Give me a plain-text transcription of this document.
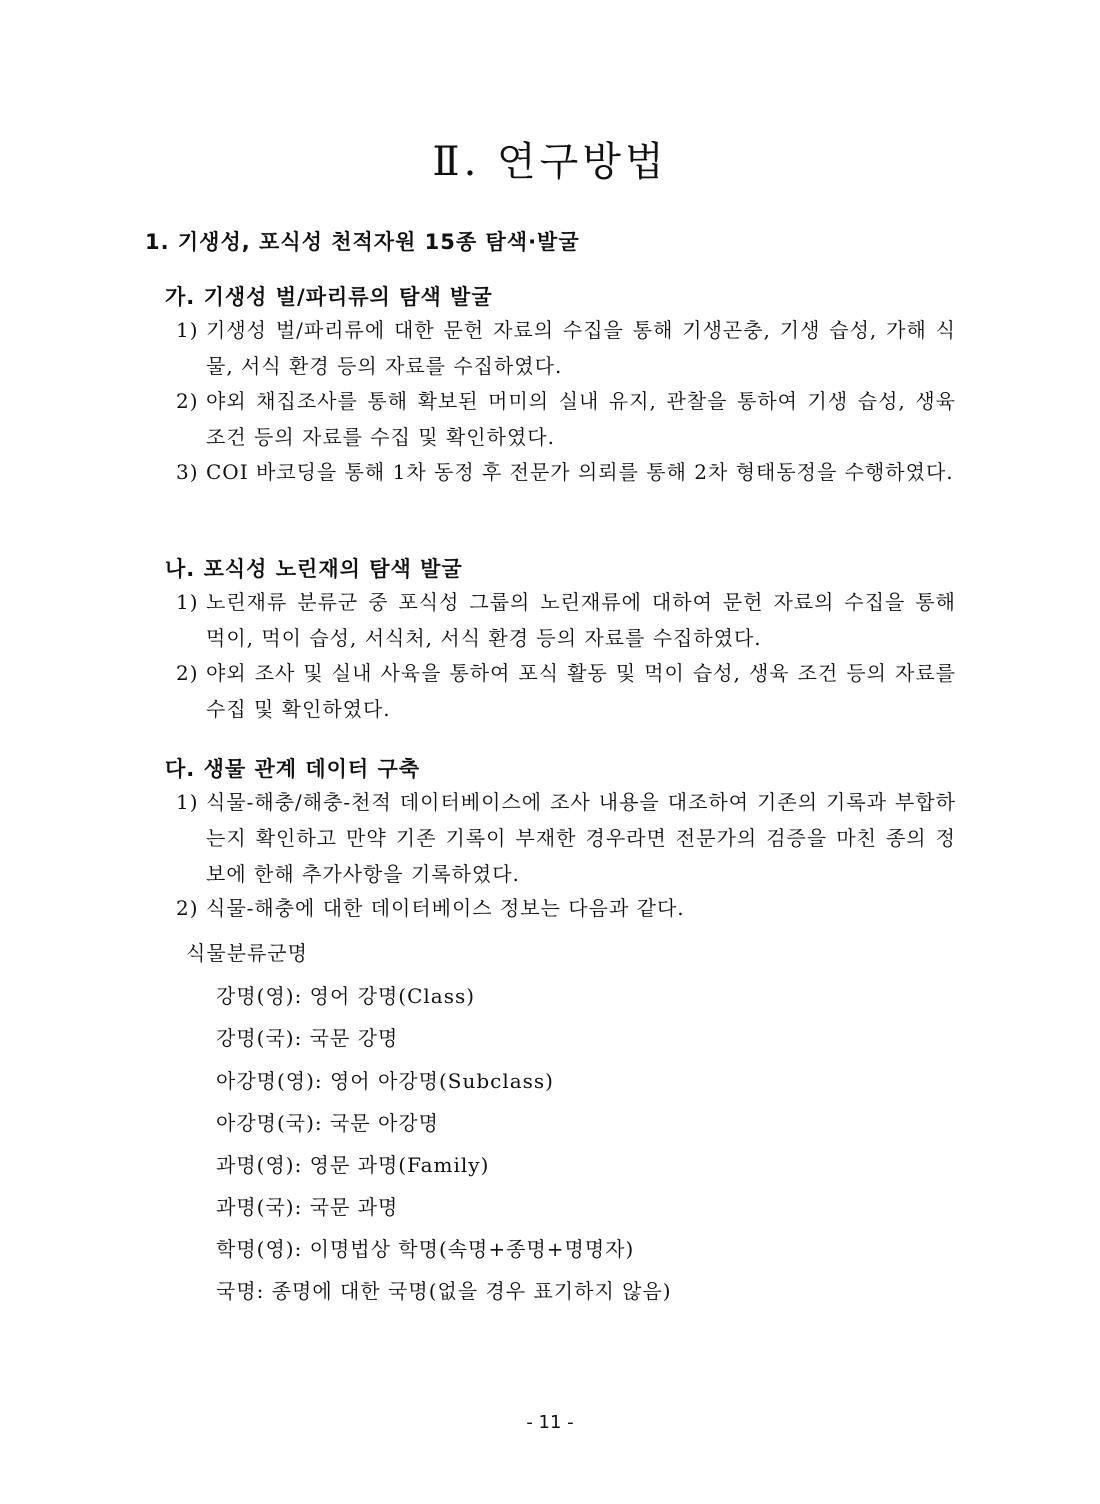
Ⅱ. 연구방법
1. 기생성, 포식성 천적자원 15종 탐색·발굴
가. 기생성 벌/파리류의 탐색 발굴
1) 기생성 벌/파리류에 대한 문헌 자료의 수집을 통해 기생곤충, 기생 습성, 가해 식물, 서식 환경 등의 자료를 수집하였다.
2) 야외 채집조사를 통해 확보된 머미의 실내 유지, 관찰을 통하여 기생 습성, 생육 조건 등의 자료를 수집 및 확인하였다.
3) COI 바코딩을 통해 1차 동정 후 전문가 의뢰를 통해 2차 형태동정을 수행하였다.
나. 포식성 노린재의 탐색 발굴
1) 노린재류 분류군 중 포식성 그룹의 노린재류에 대하여 문헌 자료의 수집을 통해 먹이, 먹이 습성, 서식처, 서식 환경 등의 자료를 수집하였다.
2) 야외 조사 및 실내 사육을 통하여 포식 활동 및 먹이 습성, 생육 조건 등의 자료를 수집 및 확인하였다.
다. 생물 관계 데이터 구축
1) 식물-해충/해충-천적 데이터베이스에 조사 내용을 대조하여 기존의 기록과 부합하는지 확인하고 만약 기존 기록이 부재한 경우라면 전문가의 검증을 마친 종의 정보에 한해 추가사항을 기록하였다.
2) 식물-해충에 대한 데이터베이스 정보는 다음과 같다.

식물분류군명

강명(영): 영어 강명(Class)

강명(국): 국문 강명

아강명(영): 영어 아강명(Subclass)

아강명(국): 국문 아강명

과명(영): 영문 과명(Family)

과명(국): 국문 과명

학명(영): 이명법상 학명(속명+종명+명명자)

국명: 종명에 대한 국명(없을 경우 표기하지 않음)

- 11 -
